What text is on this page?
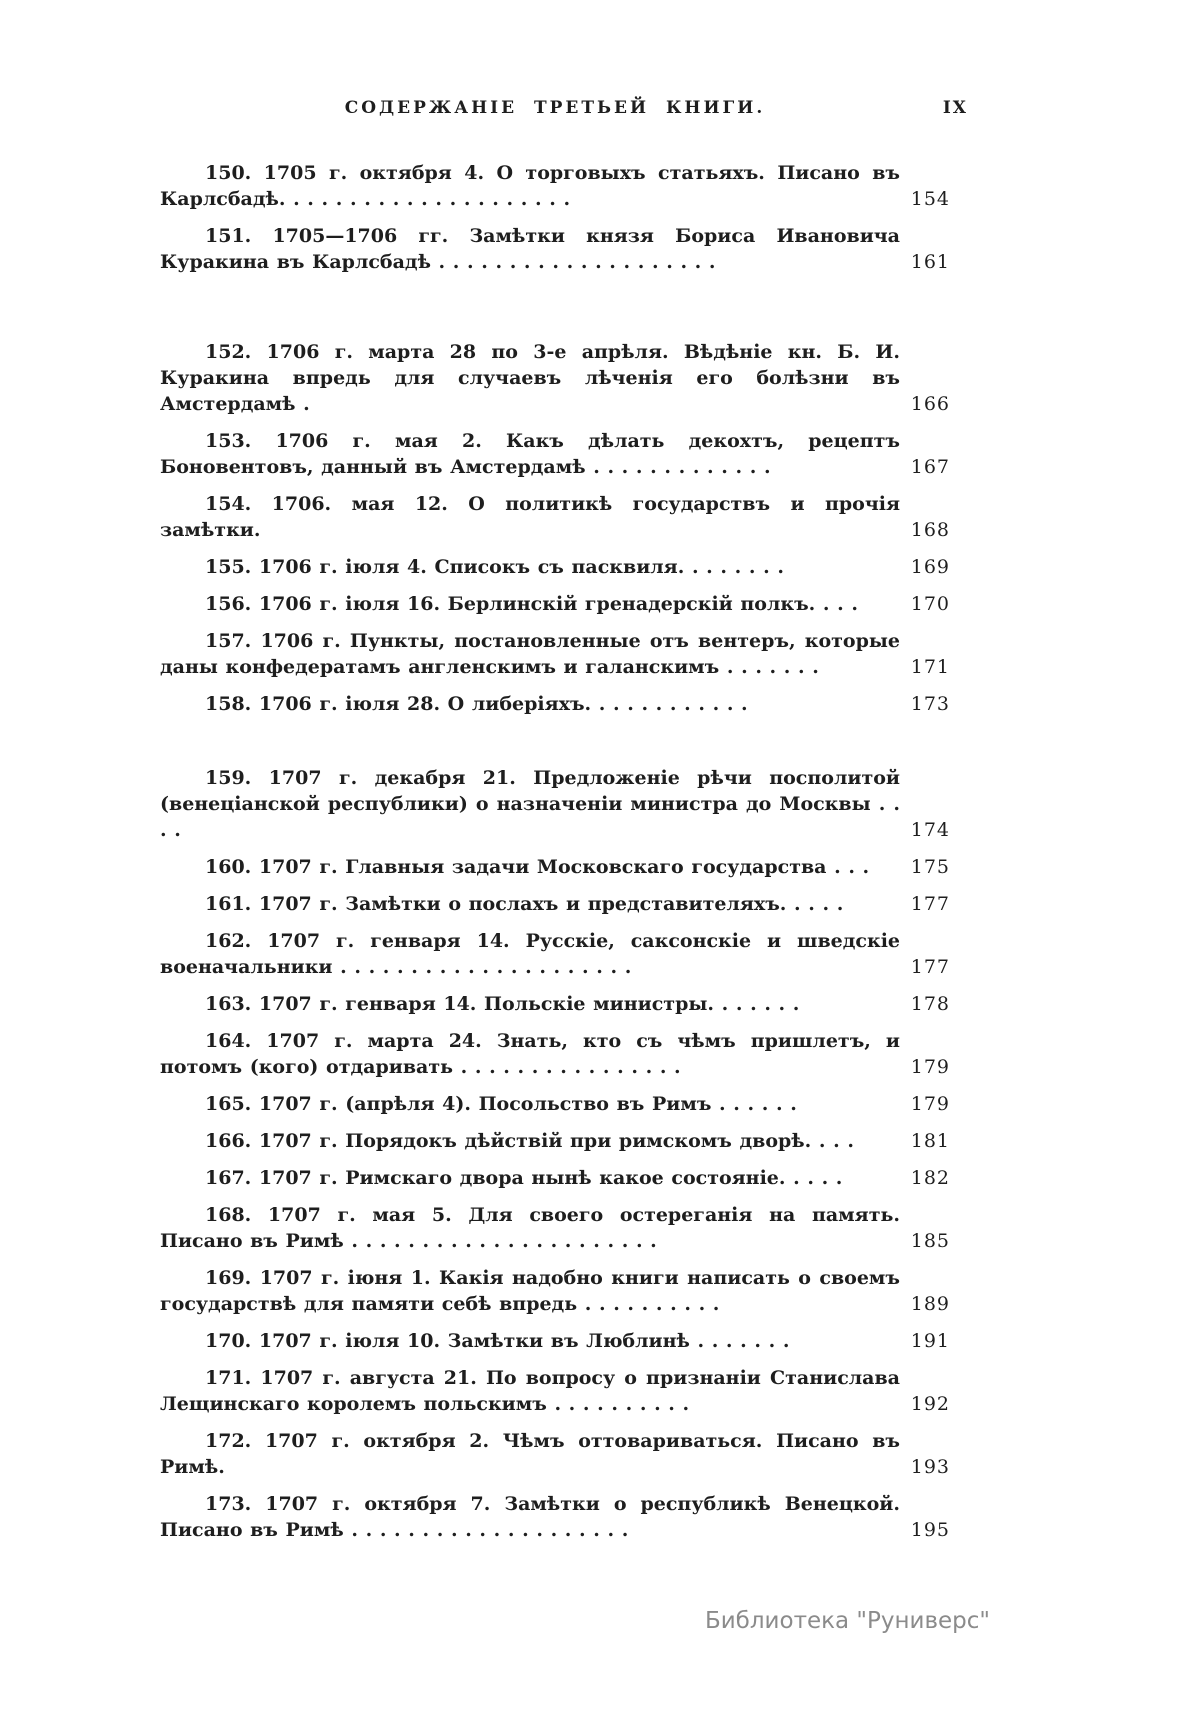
СОДЕРЖАНІЕ ТРЕТЬЕЙ КНИГИ.	IX
150. 1705 г. октября 4. О торговыхъ статьяхъ. Писано въ Карлсбадѣ. . . . . . . . . . . . . . . . . . . . .	154
151. 1705—1706 гг. Замѣтки князя Бориса Ивановича Куракина въ Карлсбадѣ . . . . . . . . . . . . . . . . . . . .	161
152. 1706 г. марта 28 по 3-е апрѣля. Вѣдѣніе кн. Б. И. Куракина впредь для случаевъ лѣченія его болѣзни въ Амстердамѣ .	166
153. 1706 г. мая 2. Какъ дѣлать декохтъ, рецептъ Боновентовъ, данный въ Амстердамѣ . . . . . . . . . . . . .	167
154. 1706. мая 12. О политикѣ государствъ и прочія замѣтки.	168
155. 1706 г. іюля 4. Списокъ съ пасквиля. . . . . . . .	169
156. 1706 г. іюля 16. Берлинскій гренадерскій полкъ. . . .	170
157. 1706 г. Пункты, постановленные отъ вентеръ, которые даны конфедератамъ англенскимъ и галанскимъ . . . . . . .	171
158. 1706 г. іюля 28. О либеріяхъ. . . . . . . . . . . .	173
159. 1707 г. декабря 21. Предложеніе рѣчи посполитой (венеціанской республики) о назначеніи министра до Москвы . . . .	174
160. 1707 г. Главныя задачи Московскаго государства . . . 175
161. 1707 г. Замѣтки о послахъ и представителяхъ. . . . .	177
162. 1707 г. генваря 14. Русскіе, саксонскіе и шведскіе военачальники . . . . . . . . . . . . . . . . . . . . .	177
163. 1707 г. генваря 14. Польскіе министры. . . . . . .	178
164. 1707 г. марта 24. Знать, кто съ чѣмъ пришлетъ, и потомъ (кого) отдаривать . . . . . . . . . . . . . . . .	179
165. 1707 г. (апрѣля 4). Посольство въ Римъ . . . . . .	179
166. 1707 г. Порядокъ дѣйствій при римскомъ дворѣ. . . .	181
167. 1707 г. Римскаго двора нынѣ какое состояніе. . . . .	182
168. 1707 г. мая 5. Для своего остереганія на память. Писано въ Римѣ . . . . . . . . . . . . . . . . . . . . . .	185
169. 1707 г. іюня 1. Какія надобно книги написать о своемъ государствѣ для памяти себѣ впредь . . . . . . . . . .	189
170. 1707 г. іюля 10. Замѣтки въ Люблинѣ . . . . . . .	191
171. 1707 г. августа 21. По вопросу о признаніи Станислава Лещинскаго королемъ польскимъ . . . . . . . . . .	192
172. 1707 г. октября 2. Чѣмъ оттовариваться. Писано въ Римѣ.	193
173. 1707 г. октября 7. Замѣтки о республикѣ Венецкой. Писано въ Римѣ . . . . . . . . . . . . . . . . . . . .	195
Библиотека "Руниверс"
